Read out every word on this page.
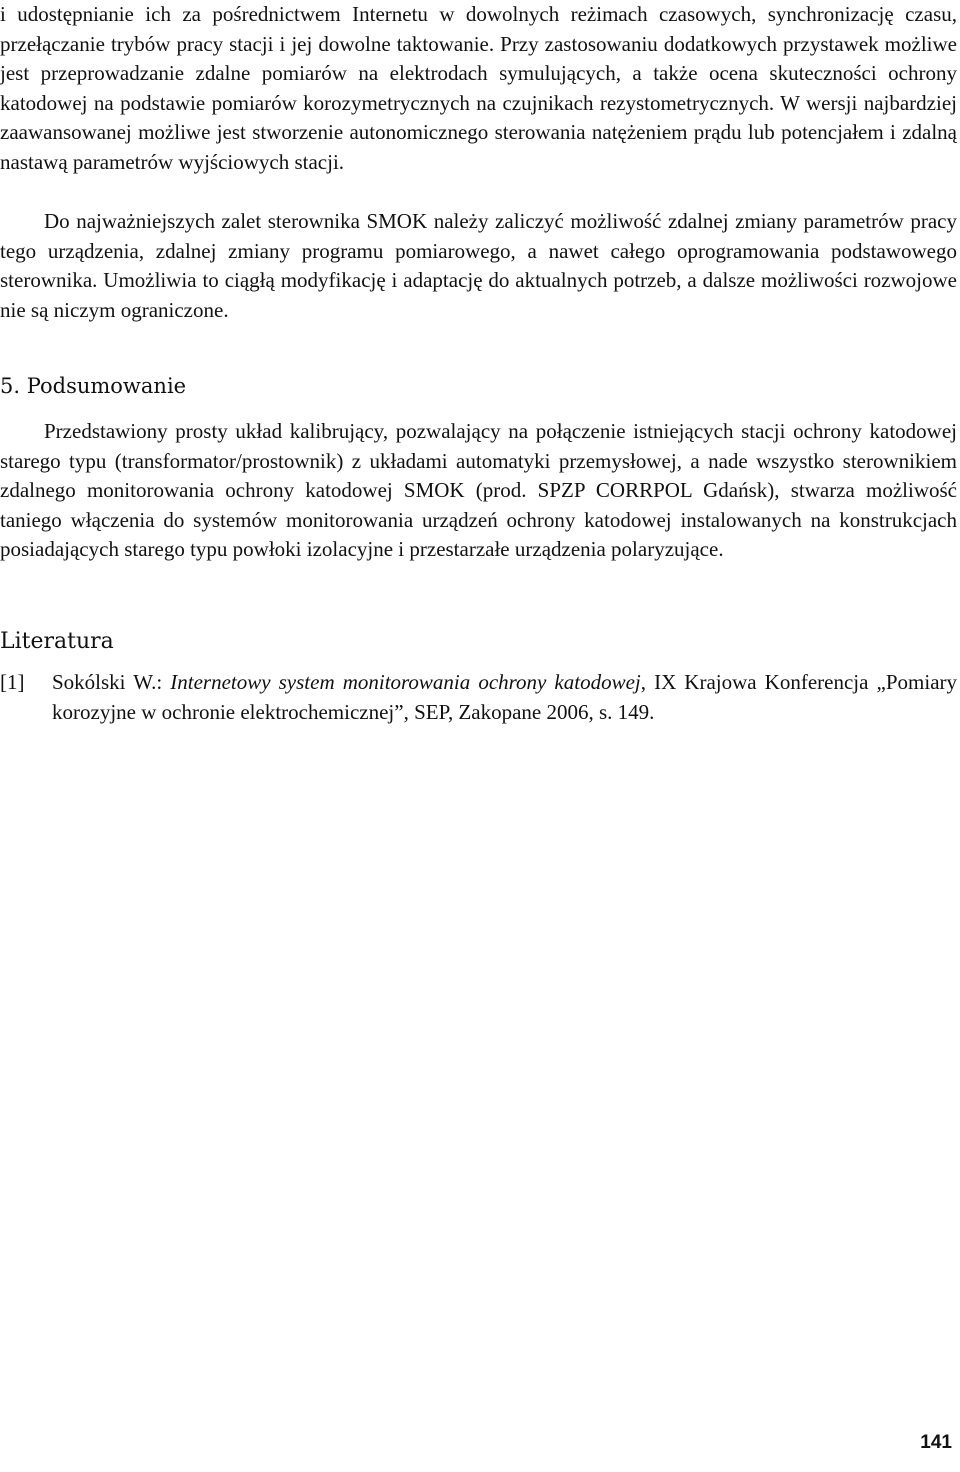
i udostępnianie ich za pośrednictwem Internetu w dowolnych reżimach czasowych, synchronizację czasu, przełączanie trybów pracy stacji i jej dowolne taktowanie. Przy zastosowaniu dodatkowych przystawek możliwe jest przeprowadzanie zdalne pomiarów na elektrodach symulujących, a także ocena skuteczności ochrony katodowej na podstawie pomiarów korozymetrycznych na czujnikach rezystometrycznych. W wersji najbardziej zaawansowanej możliwe jest stworzenie autonomicznego sterowania natężeniem prądu lub potencjałem i zdalną nastawą parametrów wyjściowych stacji.

Do najważniejszych zalet sterownika SMOK należy zaliczyć możliwość zdalnej zmiany parametrów pracy tego urządzenia, zdalnej zmiany programu pomiarowego, a nawet całego oprogramowania podstawowego sterownika. Umożliwia to ciągłą modyfikację i adaptację do aktualnych potrzeb, a dalsze możliwości rozwojowe nie są niczym ograniczone.

5. Podsumowanie

Przedstawiony prosty układ kalibrujący, pozwalający na połączenie istniejących stacji ochrony katodowej starego typu (transformator/prostownik) z układami automatyki przemysłowej, a nade wszystko sterownikiem zdalnego monitorowania ochrony katodowej SMOK (prod. SPZP CORRPOL Gdańsk), stwarza możliwość taniego włączenia do systemów monitorowania urządzeń ochrony katodowej instalowanych na konstrukcjach posiadających starego typu powłoki izolacyjne i przestarzałe urządzenia polaryzujące.

Literatura
[1] Sokólski W.: Internetowy system monitorowania ochrony katodowej, IX Krajowa Konferencja „Pomiary korozyjne w ochronie elektrochemicznej”, SEP, Zakopane 2006, s. 149.

141
